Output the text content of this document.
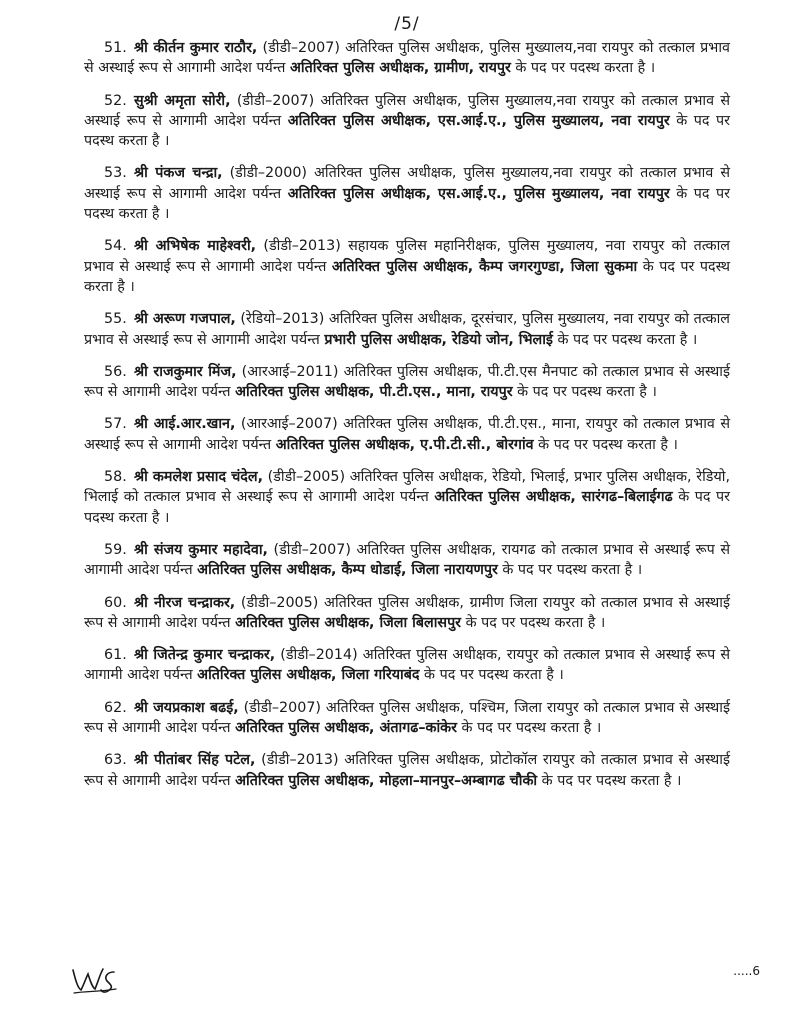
/5/

51. श्री कीर्तन कुमार राठौर, (डीडी–2007) अतिरिक्त पुलिस अधीक्षक, पुलिस मुख्यालय,नवा रायपुर को तत्काल प्रभाव से अस्थाई रूप से आगामी आदेश पर्यन्त अतिरिक्त पुलिस अधीक्षक, ग्रामीण, रायपुर के पद पर पदस्थ करता है ।

52. सुश्री अमृता सोरी, (डीडी–2007) अतिरिक्त पुलिस अधीक्षक, पुलिस मुख्यालय,नवा रायपुर को तत्काल प्रभाव से अस्थाई रूप से आगामी आदेश पर्यन्त अतिरिक्त पुलिस अधीक्षक, एस.आई.ए., पुलिस मुख्यालय, नवा रायपुर के पद पर पदस्थ करता है ।

53. श्री पंकज चन्द्रा, (डीडी–2000) अतिरिक्त पुलिस अधीक्षक, पुलिस मुख्यालय,नवा रायपुर को तत्काल प्रभाव से अस्थाई रूप से आगामी आदेश पर्यन्त अतिरिक्त पुलिस अधीक्षक, एस.आई.ए., पुलिस मुख्यालय, नवा रायपुर के पद पर पदस्थ करता है ।

54. श्री अभिषेक माहेश्वरी, (डीडी–2013) सहायक पुलिस महानिरीक्षक, पुलिस मुख्यालय, नवा रायपुर को तत्काल प्रभाव से अस्थाई रूप से आगामी आदेश पर्यन्त अतिरिक्त पुलिस अधीक्षक, कैम्प जगरगुण्डा, जिला सुकमा के पद पर पदस्थ करता है ।

55. श्री अरूण गजपाल, (रेडियो–2013) अतिरिक्त पुलिस अधीक्षक, दूरसंचार, पुलिस मुख्यालय, नवा रायपुर को तत्काल प्रभाव से अस्थाई रूप से आगामी आदेश पर्यन्त प्रभारी पुलिस अधीक्षक, रेडियो जोन, भिलाई के पद पर पदस्थ करता है ।

56. श्री राजकुमार मिंज, (आरआई–2011) अतिरिक्त पुलिस अधीक्षक, पी.टी.एस मैनपाट को तत्काल प्रभाव से अस्थाई रूप से आगामी आदेश पर्यन्त अतिरिक्त पुलिस अधीक्षक, पी.टी.एस., माना, रायपुर के पद पर पदस्थ करता है ।

57. श्री आई.आर.खान, (आरआई–2007) अतिरिक्त पुलिस अधीक्षक, पी.टी.एस., माना, रायपुर को तत्काल प्रभाव से अस्थाई रूप से आगामी आदेश पर्यन्त अतिरिक्त पुलिस अधीक्षक, ए.पी.टी.सी., बोरगांव के पद पर पदस्थ करता है ।

58. श्री कमलेश प्रसाद चंदेल, (डीडी–2005) अतिरिक्त पुलिस अधीक्षक, रेडियो, भिलाई, प्रभार पुलिस अधीक्षक, रेडियो, भिलाई को तत्काल प्रभाव से अस्थाई रूप से आगामी आदेश पर्यन्त अतिरिक्त पुलिस अधीक्षक, सारंगढ–बिलाईगढ के पद पर पदस्थ करता है ।

59. श्री संजय कुमार महादेवा, (डीडी–2007) अतिरिक्त पुलिस अधीक्षक, रायगढ को तत्काल प्रभाव से अस्थाई रूप से आगामी आदेश पर्यन्त अतिरिक्त पुलिस अधीक्षक, कैम्प धोडाई, जिला नारायणपुर के पद पर पदस्थ करता है ।

60. श्री नीरज चन्द्राकर, (डीडी–2005) अतिरिक्त पुलिस अधीक्षक, ग्रामीण जिला रायपुर को तत्काल प्रभाव से अस्थाई रूप से आगामी आदेश पर्यन्त अतिरिक्त पुलिस अधीक्षक, जिला बिलासपुर के पद पर पदस्थ करता है ।

61. श्री जितेन्द्र कुमार चन्द्राकर, (डीडी–2014) अतिरिक्त पुलिस अधीक्षक, रायपुर को तत्काल प्रभाव से अस्थाई रूप से आगामी आदेश पर्यन्त अतिरिक्त पुलिस अधीक्षक, जिला गरियाबंद के पद पर पदस्थ करता है ।

62. श्री जयप्रकाश बढई, (डीडी–2007) अतिरिक्त पुलिस अधीक्षक, पश्चिम, जिला रायपुर को तत्काल प्रभाव से अस्थाई रूप से आगामी आदेश पर्यन्त अतिरिक्त पुलिस अधीक्षक, अंतागढ–कांकेर के पद पर पदस्थ करता है ।

63. श्री पीतांबर सिंह पटेल, (डीडी–2013) अतिरिक्त पुलिस अधीक्षक, प्रोटोकॉल रायपुर को तत्काल प्रभाव से अस्थाई रूप से आगामी आदेश पर्यन्त अतिरिक्त पुलिस अधीक्षक, मोहला–मानपुर–अम्बागढ चौकी के पद पर पदस्थ करता है ।

.....6
